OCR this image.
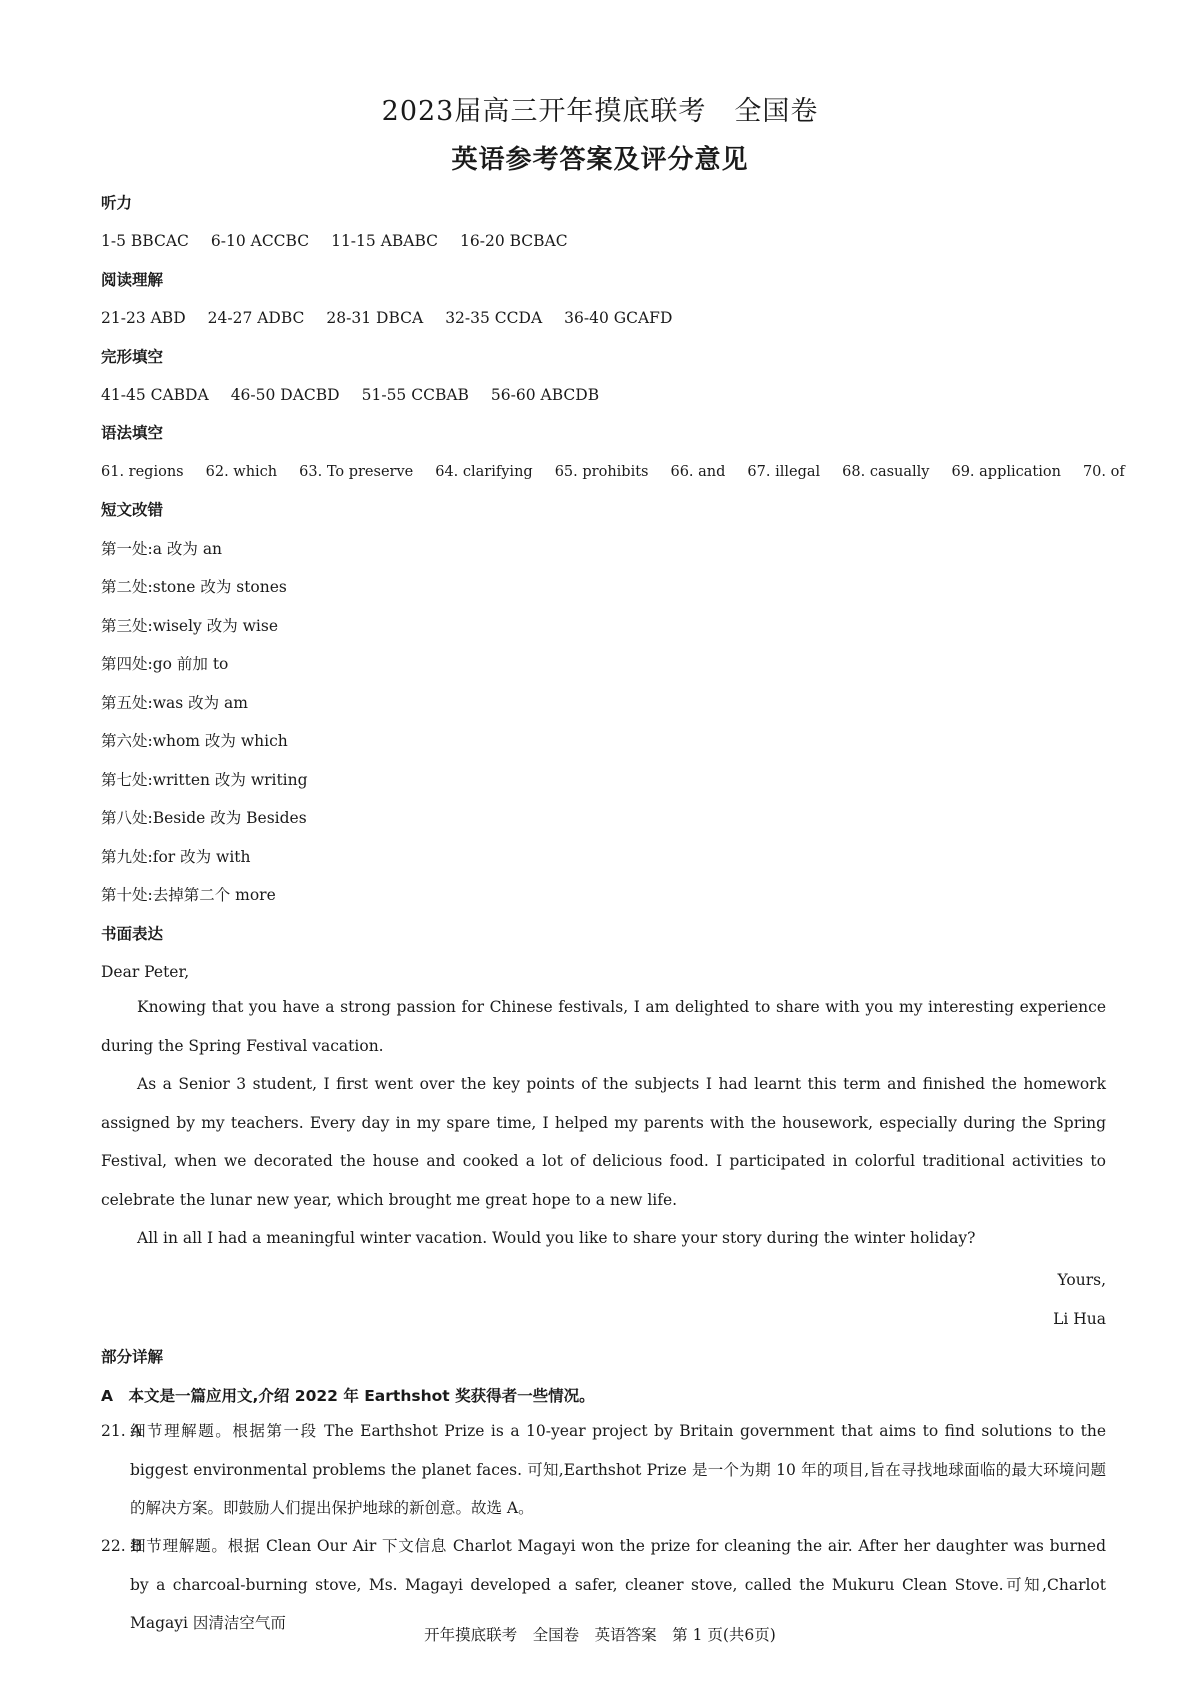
2023届高三开年摸底联考　全国卷
英语参考答案及评分意见
听力
1-5 BBCAC 6-10 ACCBC 11-15 ABABC 16-20 BCBAC
阅读理解
21-23 ABD 24-27 ADBC 28-31 DBCA 32-35 CCDA 36-40 GCAFD
完形填空
41-45 CABDA 46-50 DACBD 51-55 CCBAB 56-60 ABCDB
语法填空
61. regions 62. which 63. To preserve 64. clarifying 65. prohibits 66. and 67. illegal 68. casually 69. application 70. of
短文改错
第一处:a 改为 an
第二处:stone 改为 stones
第三处:wisely 改为 wise
第四处:go 前加 to
第五处:was 改为 am
第六处:whom 改为 which
第七处:written 改为 writing
第八处:Beside 改为 Besides
第九处:for 改为 with
第十处:去掉第二个 more
书面表达
Dear Peter,
Knowing that you have a strong passion for Chinese festivals, I am delighted to share with you my interesting experience during the Spring Festival vacation.
As a Senior 3 student, I first went over the key points of the subjects I had learnt this term and finished the homework assigned by my teachers. Every day in my spare time, I helped my parents with the housework, especially during the Spring Festival, when we decorated the house and cooked a lot of delicious food. I participated in colorful traditional activities to celebrate the lunar new year, which brought me great hope to a new life.
All in all I had a meaningful winter vacation. Would you like to share your story during the winter holiday?
Yours,
Li Hua
部分详解
A　本文是一篇应用文,介绍 2022 年 Earthshot 奖获得者一些情况。
21. A
细节理解题。根据第一段 The Earthshot Prize is a 10-year project by Britain government that aims to find solutions to the biggest environmental problems the planet faces. 可知,Earthshot Prize 是一个为期 10 年的项目,旨在寻找地球面临的最大环境问题的解决方案。即鼓励人们提出保护地球的新创意。故选 A。
22. B
细节理解题。根据 Clean Our Air 下文信息 Charlot Magayi won the prize for cleaning the air. After her daughter was burned by a charcoal-burning stove, Ms. Magayi developed a safer, cleaner stove, called the Mukuru Clean Stove.可知,Charlot Magayi 因清洁空气而
开年摸底联考　全国卷　英语答案　第 1 页(共6页)
